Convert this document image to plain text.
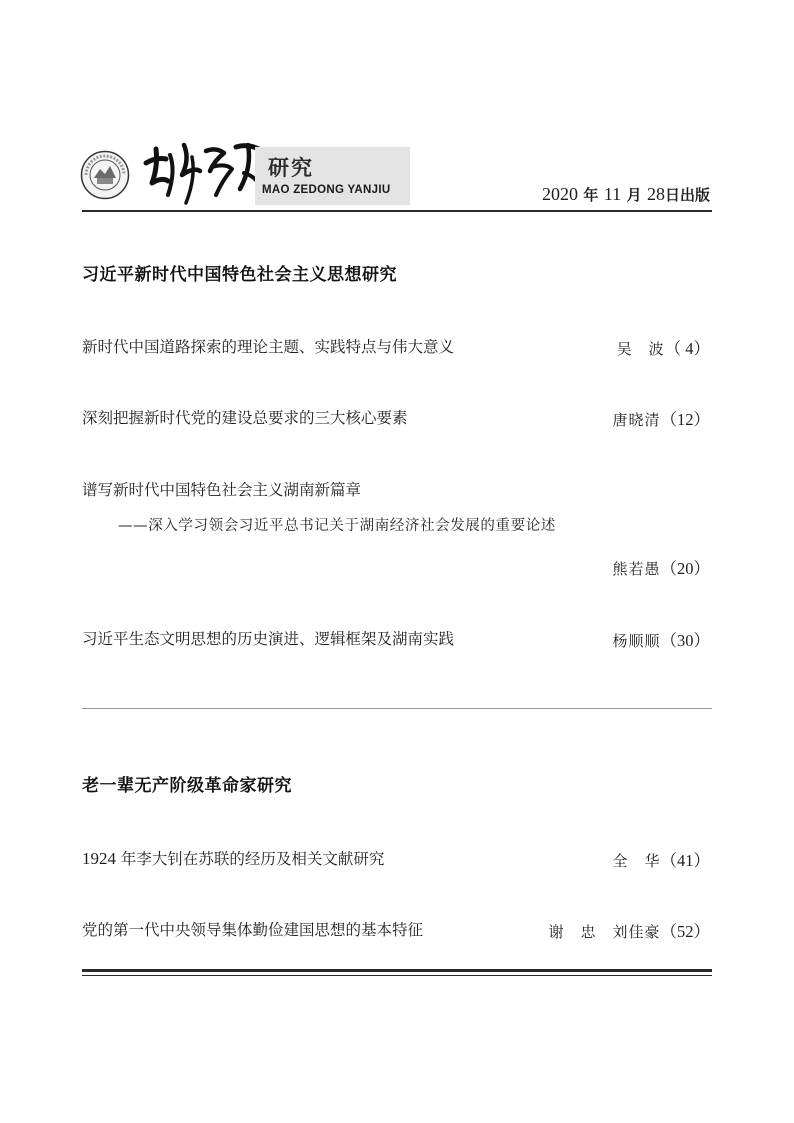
研究
MAO ZEDONG YANJIU	2020 年 11 月 28日出版
习近平新时代中国特色社会主义思想研究
新时代中国道路探索的理论主题、实践特点与伟大意义	吴　波（ 4）
深刻把握新时代党的建设总要求的三大核心要素	唐晓清（12）
谱写新时代中国特色社会主义湖南新篇章
——深入学习领会习近平总书记关于湖南经济社会发展的重要论述
熊若愚（20）
习近平生态文明思想的历史演进、逻辑框架及湖南实践	杨顺顺（30）
老一辈无产阶级革命家研究
1924 年李大钊在苏联的经历及相关文献研究	全　华（41）
党的第一代中央领导集体勤俭建国思想的基本特征	谢　忠　刘佳豪（52）
